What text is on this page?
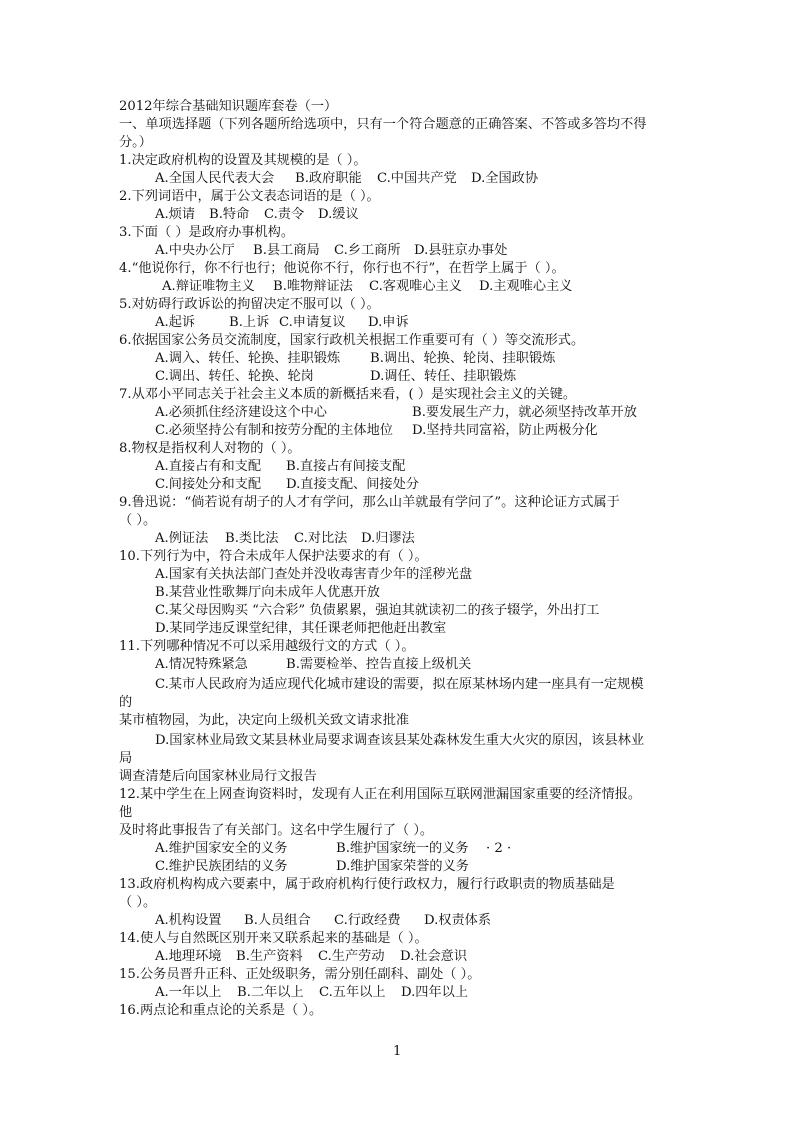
2012年综合基础知识题库套卷（一）
一、单项选择题（下列各题所给选项中，只有一个符合题意的正确答案、不答或多答均不得
分。）
1.决定政府机构的设置及其规模的是（ ）。
A.全国人民代表大会 B.政府职能 C.中国共产党 D.全国政协
2.下列词语中，属于公文表态词语的是（ ）。
A.烦请 B.特命 C.责令 D.缓议
3.下面（ ）是政府办事机构。
A.中央办公厅 B.县工商局 C.乡工商所 D.县驻京办事处
4.“他说你行，你不行也行；他说你不行，你行也不行”，在哲学上属于（ ）。
A.辩证唯物主义 B.唯物辩证法 C.客观唯心主义 D.主观唯心主义
5.对妨碍行政诉讼的拘留决定不服可以（ ）。
A.起诉	B.上诉 C.申请复议 D.申诉
6.依据国家公务员交流制度，国家行政机关根据工作重要可有（ ）等交流形式。
A.调入、转任、轮换、挂职锻炼 B.调出、轮换、轮岗、挂职锻炼
C.调出、转任、轮换、轮岗	D.调任、转任、挂职锻炼
7.从邓小平同志关于社会主义本质的新概括来看，( ）是实现社会主义的关键。
A.必须抓住经济建设这个中心	B.要发展生产力，就必须坚持改革开放
C.必须坚持公有制和按劳分配的主体地位 D.坚持共同富裕，防止两极分化
8.物权是指权利人对物的（ ）。
A.直接占有和支配 B.直接占有间接支配
C.间接处分和支配 D.直接支配、间接处分
9.鲁迅说：“倘若说有胡子的人才有学问，那么山羊就最有学问了”。这种论证方式属于
（ ）。
A.例证法 B.类比法 C.对比法 D.归谬法
10.下列行为中，符合未成年人保护法要求的有（ ）。
A.国家有关执法部门查处并没收毒害青少年的淫秽光盘
B.某营业性歌舞厅向未成年人优惠开放
C.某父母因购买 “六合彩” 负债累累，强迫其就读初二的孩子辍学，外出打工
D.某同学违反课堂纪律，其任课老师把他赶出教室
11.下列哪种情况不可以采用越级行文的方式（ ）。
A.情况特殊紧急	B.需要检举、控告直接上级机关
C.某市人民政府为适应现代化城市建设的需要，拟在原某林场内建一座具有一定规模
的
某市植物园，为此，决定向上级机关致文请求批准
D.国家林业局致文某县林业局要求调查该县某处森林发生重大火灾的原因，该县林业
局
调查清楚后向国家林业局行文报告
12.某中学生在上网查询资料时，发现有人正在利用国际互联网泄漏国家重要的经济情报。
他
及时将此事报告了有关部门。这名中学生履行了（ ）。
A.维护国家安全的义务	B.维护国家统一的义务 · 2 ·
C.维护民族团结的义务	D.维护国家荣誉的义务
13.政府机构构成六要素中，属于政府机构行使行政权力，履行行政职责的物质基础是
（ ）。
A.机构设置 B.人员组合 C.行政经费 D.权责体系
14.使人与自然既区别开来又联系起来的基础是（ ）。
A.地理环境 B.生产资料 C.生产劳动 D.社会意识
15.公务员晋升正科、正处级职务，需分别任副科、副处（ ）。
A.一年以上 B.二年以上 C.五年以上 D.四年以上
16.两点论和重点论的关系是（ ）。
1
